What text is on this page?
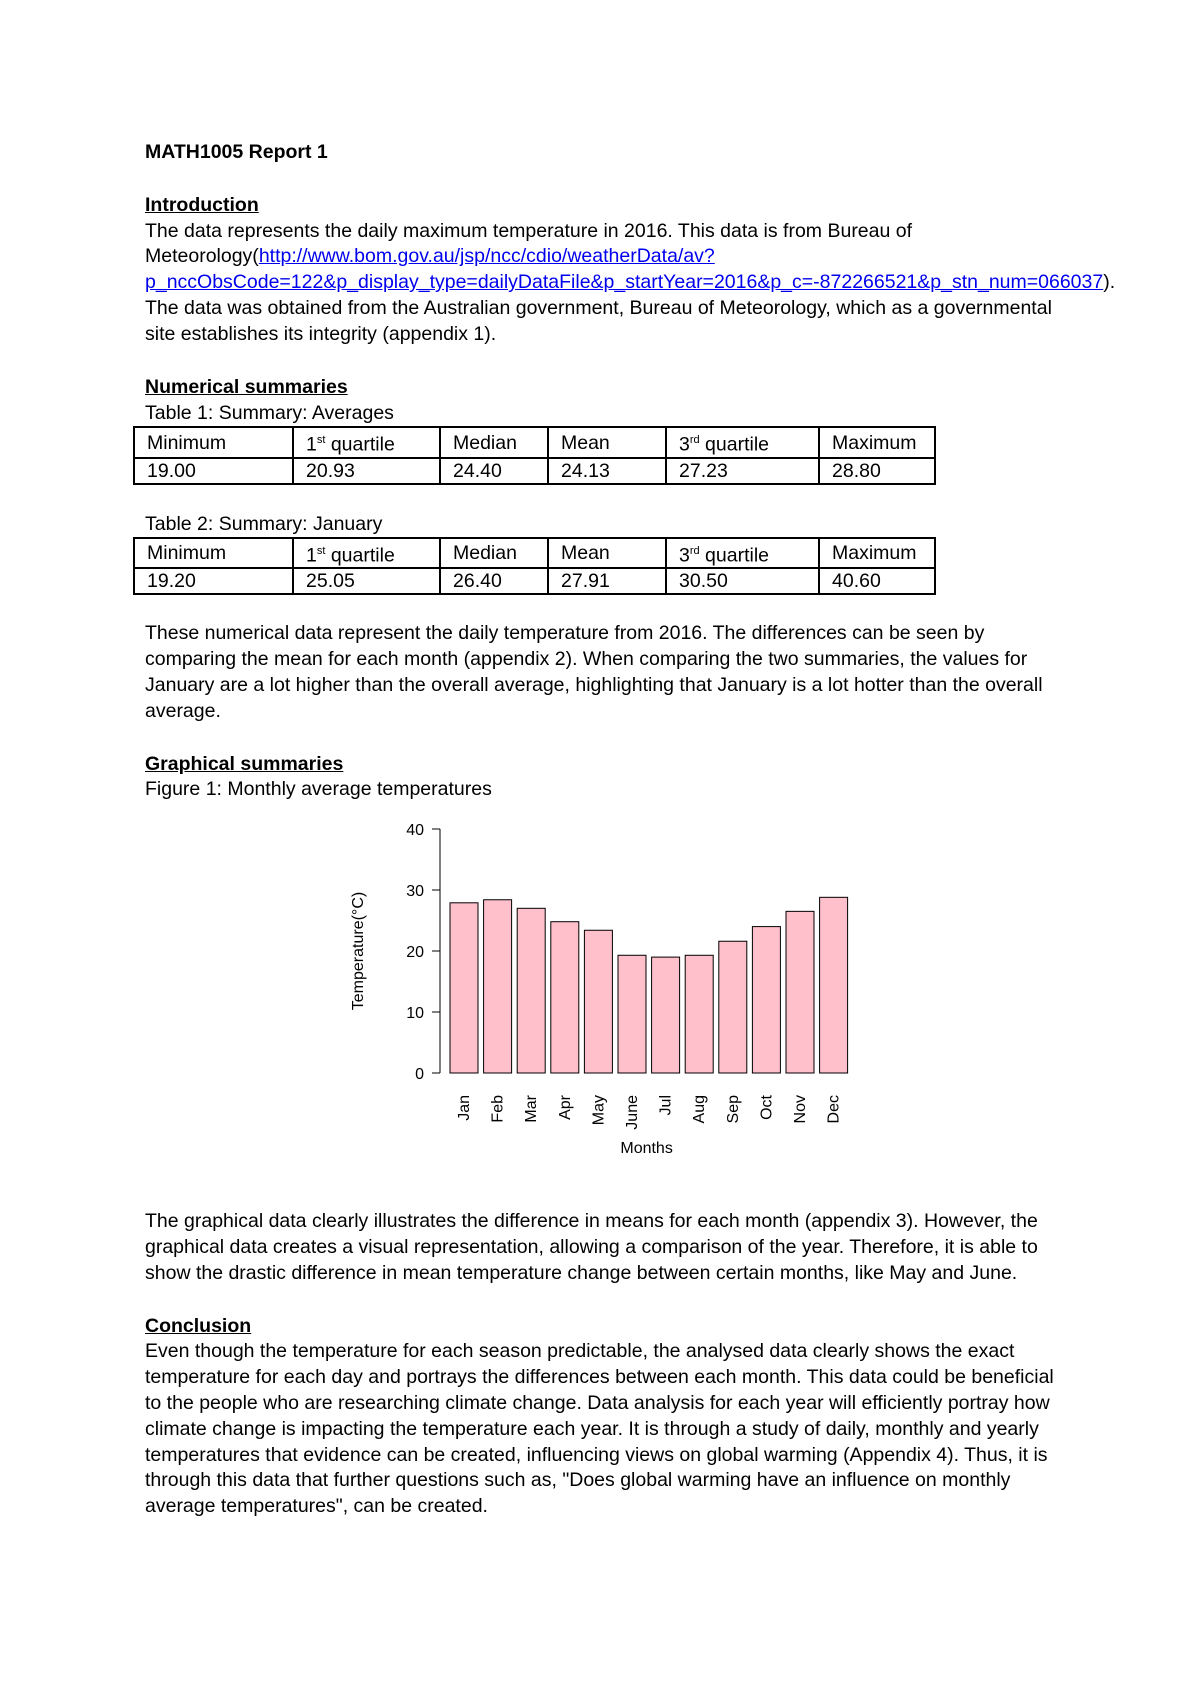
MATH1005 Report 1

Introduction

The data represents the daily maximum temperature in 2016. This data is from Bureau of Meteorology(http://www.bom.gov.au/jsp/ncc/cdio/weatherData/av?p_nccObsCode=122&p_display_type=dailyDataFile&p_startYear=2016&p_c=-872266521&p_stn_num=066037). The data was obtained from the Australian government, Bureau of Meteorology, which as a governmental site establishes its integrity (appendix 1).

Numerical summaries

Table 1: Summary: Averages

Minimum	1st quartile	Median	Mean	3rd quartile	Maximum
19.00	20.93	24.40	24.13	27.23	28.80

Table 2: Summary: January

Minimum	1st quartile	Median	Mean	3rd quartile	Maximum
19.20	25.05	26.40	27.91	30.50	40.60

These numerical data represent the daily temperature from 2016. The differences can be seen by comparing the mean for each month (appendix 2). When comparing the two summaries, the values for January are a lot higher than the overall average, highlighting that January is a lot hotter than the overall average.

Graphical summaries

Figure 1: Monthly average temperatures

0
10
20
30
40
Temperature(°C)
Jan Feb Mar Apr May June Jul Aug Sep Oct Nov Dec
Months

The graphical data clearly illustrates the difference in means for each month (appendix 3). However, the graphical data creates a visual representation, allowing a comparison of the year. Therefore, it is able to show the drastic difference in mean temperature change between certain months, like May and June.

Conclusion

Even though the temperature for each season predictable, the analysed data clearly shows the exact temperature for each day and portrays the differences between each month. This data could be beneficial to the people who are researching climate change. Data analysis for each year will efficiently portray how climate change is impacting the temperature each year. It is through a study of daily, monthly and yearly temperatures that evidence can be created, influencing views on global warming (Appendix 4). Thus, it is through this data that further questions such as, "Does global warming have an influence on monthly average temperatures", can be created.
